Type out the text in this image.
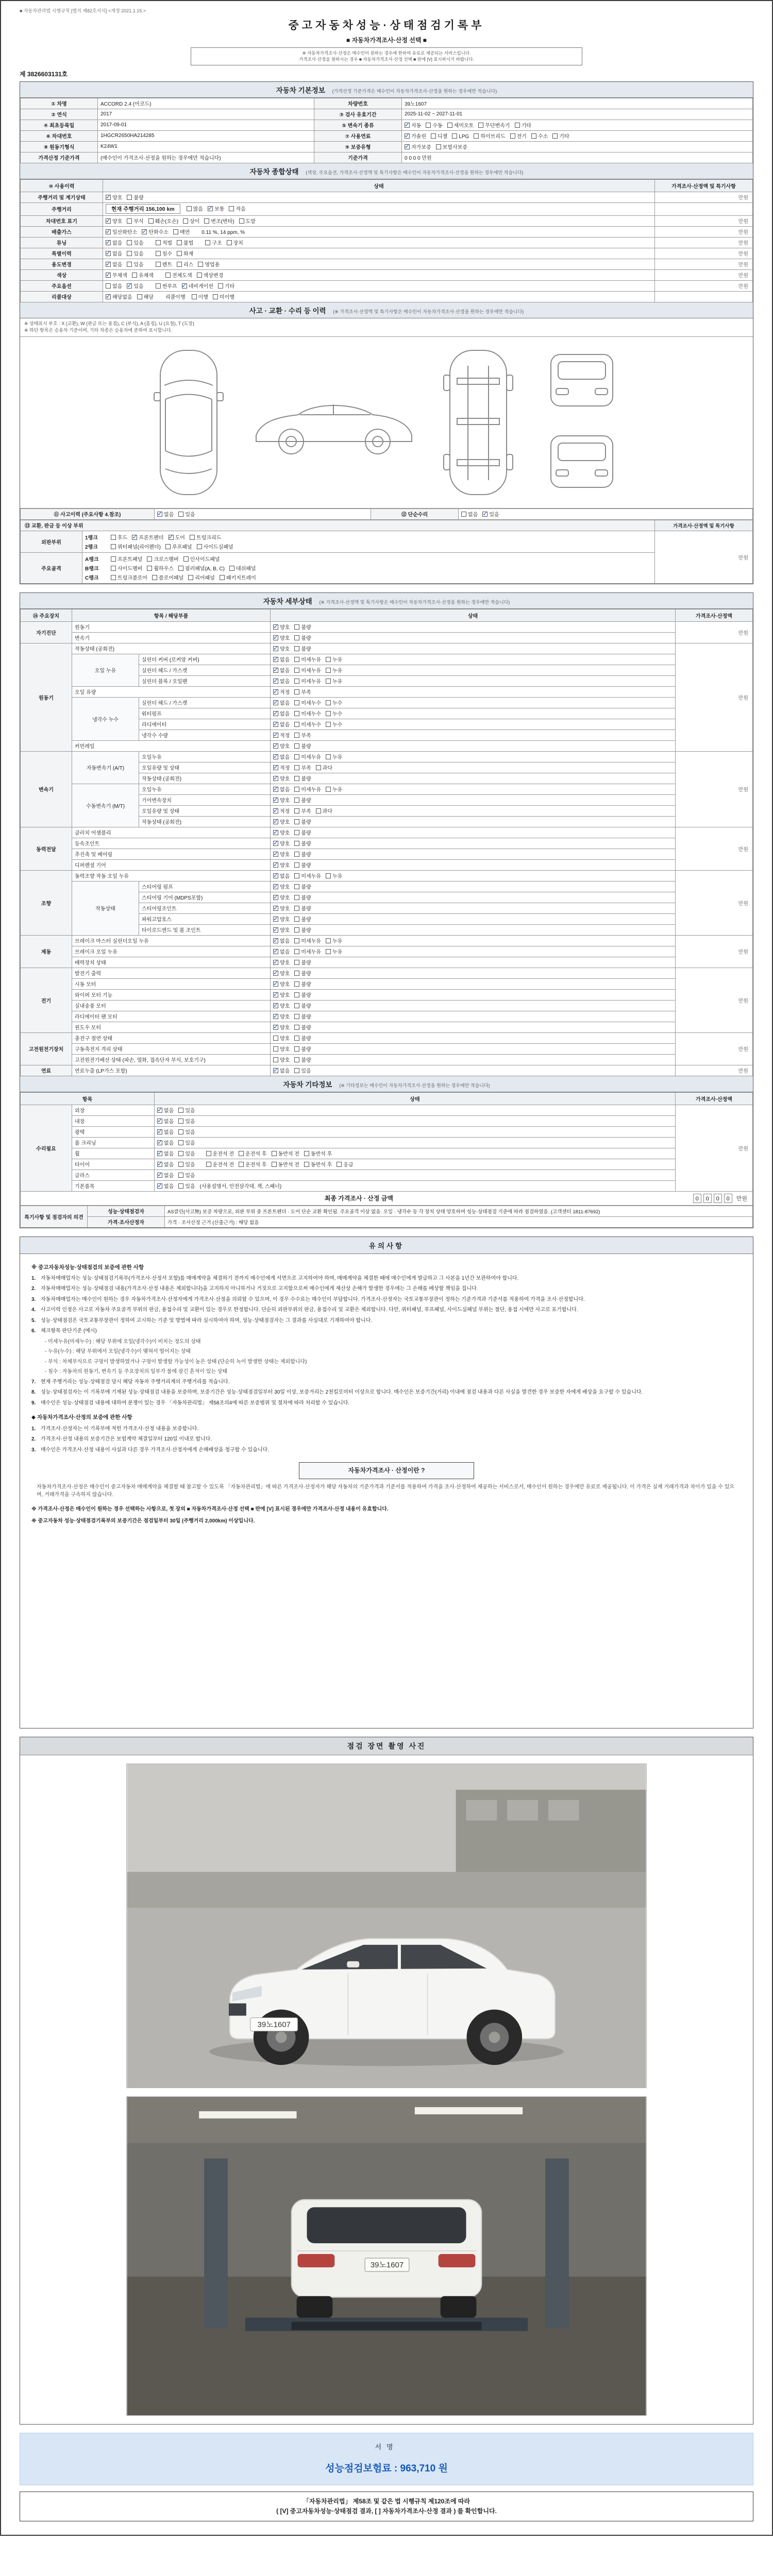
■ 자동차관리법 시행규칙 [별지 제82호서식] <개정 2021.1.15.>
중고자동차성능·상태점검기록부
■ 자동차가격조사·산정 선택 ■
※ 자동차가격조사·산정은 매수인이 원하는 경우에 한하여 유료로 제공되는 서비스입니다.
가격조사·산정을 원하시는 경우 ■ 자동차가격조사·산정 선택 ■ 란에 [V] 표시하시기 바랍니다.
제 3826603131호
자동차 기본정보 (가격산정 기준가격은 매수인이 자동차가격조사·산정을 원하는 경우에만 적습니다)
① 차명	ACCORD 2.4 (어코드)	차량번호	39노1607
② 연식	2017	③ 검사 유효기간	2025-11-02 ~ 2027-11-01
④ 최초등록일	2017-09-01	⑤ 변속기 종류	✓자동 수동 세미오토 무단변속기 기타
⑥ 차대번호	1HGCR2650HA214285	⑦ 사용연료	✓가솔린 디젤 LPG 하이브리드 전기 수소 기타
⑧ 원동기형식	K24W1	⑨ 보증유형	✓자가보증 보험사보증
가격산정 기준가격	(매수인이 가격조사·산정을 원하는 경우에만 적습니다)	기준가격	0 0 0 0 만원
자동차 종합상태 (색상, 주요옵션, 가격조사·산정액 및 특기사항은 매수인이 자동차가격조사·산정을 원하는 경우에만 적습니다)
⑩ 사용이력	상태	가격조사·산정액 및 특기사항
주행거리 및 계기상태	✓양호 불량	만원
주행거리	현재 주행거리 156,100 km 많음 ✓ 보통 적음	
차대번호 표기	✓양호 부식 훼손(오손) 상이 변조(변타) 도말	만원
배출가스	✓일산화탄소 ✓ 탄화수소 매연 0.11 %, 14 ppm, %	만원
튜닝	✓없음 있음 적법 불법 구조 장치	만원
특별이력	✓없음 있음 침수 화재	만원
용도변경	✓없음 있음 렌트 리스 영업용	만원
색상	✓무채색 유채색 전체도색 색상변경	만원
주요옵션	없음 ✓ 있음 썬루프 ✓ 네비게이션 기타	만원
리콜대상	✓해당없음 해당 리콜이행 이행 미이행	
사고 · 교환 · 수리 등 이력 (※ 가격조사·산정액 및 특기사항은 매수인이 자동차가격조사·산정을 원하는 경우에만 적습니다)
※ 상태표시 부호 : X (교환), W (판금 또는 용접), C (부식), A (흠집), U (요철), T (도장)
※ 하단 항목은 승용차 기준이며, 기타 차종은 승용차에 준하여 표시합니다.
⑪ 사고이력 (주요사항 4.참조)	✓없음 있음	⑫ 단순수리	없음 ✓ 있음
⑬ 교환, 판금 등 이상 부위		가격조사·산정액 및 특기사항
외판부위	1랭크 후드 ✓ 프론트펜더 ✓ 도어 트렁크리드
2랭크 쿼터패널(리어펜더) 루프패널 사이드실패널	만원
주요골격	A랭크 프론트패널 크로스멤버 인사이드패널
B랭크 사이드멤버 휠하우스 필러패널(A, B, C) 대쉬패널
C랭크 트렁크플로어 플로어패널 리어패널 패키지트레이	
자동차 세부상태 (※ 가격조사·산정액 및 특기사항은 매수인이 자동차가격조사·산정을 원하는 경우에만 적습니다)
⑭ 주요장치	항목 / 해당부품		상태	가격조사·산정액
자기진단	원동기	✓양호 불량	만원
	변속기	✓양호 불량
원동기	작동상태 (공회전)	✓양호 불량	만원
	오일 누유	실린더 커버 (로커암 커버)	✓없음 미세누유 누유
		실린더 헤드 / 가스켓	✓없음 미세누유 누유
		실린더 블록 / 오일팬	✓없음 미세누유 누유
	오일 유량	✓적정 부족
	냉각수 누수	실린더 헤드 / 가스켓	✓없음 미세누수 누수
		워터펌프	✓없음 미세누수 누수
		라디에이터	✓없음 미세누수 누수
		냉각수 수량	✓적정 부족
	커먼레일	✓양호 불량
변속기	자동변속기 (A/T)	오일누유	✓없음 미세누유 누유	만원
		오일유량 및 상태	✓적정 부족 과다
		작동상태 (공회전)	✓양호 불량
	수동변속기 (M/T)	오일누유	✓없음 미세누유 누유
		기어변속장치	✓양호 불량
		오일유량 및 상태	✓적정 부족 과다
		작동상태 (공회전)	✓양호 불량
동력전달	클러치 어셈블리	✓양호 불량	만원
	등속조인트	✓양호 불량
	추진축 및 베어링	✓양호 불량
	디퍼렌셜 기어	✓양호 불량
조향	동력조향 작동 오일 누유	✓없음 미세누유 누유	만원
	작동상태	스티어링 펌프	✓양호 불량
		스티어링 기어 (MDPS포함)	✓양호 불량
		스티어링조인트	✓양호 불량
		파워고압호스	✓양호 불량
		타이로드엔드 및 볼 조인트	✓양호 불량
제동	브레이크 마스터 실린더오일 누유	✓없음 미세누유 누유	만원
	브레이크 오일 누유	✓없음 미세누유 누유
	배력장치 상태	✓양호 불량
전기	발전기 출력	✓양호 불량	만원
	시동 모터	✓양호 불량
	와이퍼 모터 기능	✓양호 불량
	실내송풍 모터	✓양호 불량
	라디에이터 팬 모터	✓양호 불량
	윈도우 모터	✓양호 불량
고전원전기장치	충전구 절연 상태		양호 불량	만원
	구동축전지 격리 상태		양호 불량	
	고전원전기배선 상태 (파손, 열화, 접속단자 부식, 보호기구)		양호 불량	
연료	연료누출 (LP가스 포함)	✓없음 있음	만원
자동차 기타정보 (※ 기타정보는 매수인이 자동차가격조사·산정을 원하는 경우에만 적습니다)
항목		상태	가격조사·산정액
수리필요	외장	✓없음 있음	만원
	내장	✓없음 있음
	광택	✓없음 있음
	룸 크리닝	✓없음 있음
	휠	✓없음 있음 운전석 전 운전석 후 동반석 전 동반석 후
	타이어	✓없음 있음 운전석 전 운전석 후 동반석 전 동반석 후 응급
	글라스	✓없음 있음
	기본품목	✓없음 있음 (사용설명서, 안전삼각대, 잭, 스패너)
최종 가격조사 · 산정 금액	0 0 0 0	만원
특기사항 및 점검자의 의견	성능·상태점검자	AS클린(사고無) 보증 차량으로, 외판 부위 중 프론트펜더 · 도어 단순 교환 확인됨. 주요골격 이상 없음. 오일 · 냉각수 등 각 장치 상태 양호하며 성능·상태점검 기준에 따라 점검하였음. (고객센터 1811-87692)
	가격·조사산정자	가격 · 조사산정 근거 (산출근거) : 해당 없음
유의사항
※ 중고자동차성능·상태점검의 보증에 관한 사항
1. 자동차매매업자는 성능·상태점검기록부(가격조사·산정서 포함)를 매매계약을 체결하기 전까지 매수인에게 서면으로 고지하여야 하며, 매매계약을 체결한 때에 매수인에게 발급하고 그 사본을 1년간 보관하여야 합니다.
2. 자동차매매업자는 성능·상태점검 내용(가격조사·산정 내용은 제외합니다)을 고지하지 아니하거나 거짓으로 고지함으로써 매수인에게 재산상 손해가 발생한 경우에는 그 손해를 배상할 책임을 집니다.
3. 자동차매매업자는 매수인이 원하는 경우 자동차가격조사·산정자에게 가격조사·산정을 의뢰할 수 있으며, 이 경우 수수료는 매수인이 부담합니다. 가격조사·산정자는 국토교통부장관이 정하는 기준가격과 기준서를 적용하여 가격을 조사·산정합니다.
4. 사고이력 인정은 사고로 자동차 주요골격 부위의 판금, 용접수리 및 교환이 있는 경우로 한정합니다. 단순히 외판부위의 판금, 용접수리 및 교환은 제외합니다. 다만, 쿼터패널, 루프패널, 사이드실패널 부위는 절단, 용접 시에만 사고로 표기합니다.
5. 성능·상태점검은 국토교통부장관이 정하여 고시하는 기준 및 방법에 따라 실시하여야 하며, 성능·상태점검자는 그 결과를 사실대로 기재하여야 합니다.
6. 체크항목 판단기준 (예시)
- 미세누유(미세누수) : 해당 부위에 오일(냉각수)이 비치는 정도의 상태
- 누유(누수) : 해당 부위에서 오일(냉각수)이 맺혀서 떨어지는 상태
- 부식 : 차체부식으로 구멍이 발생하였거나 구멍이 발생할 가능성이 높은 상태 (단순히 녹이 발생한 상태는 제외합니다)
- 침수 : 자동차의 원동기, 변속기 등 주요장치의 일부가 물에 잠긴 흔적이 있는 상태
7. 현재 주행거리는 성능·상태점검 당시 해당 자동차 주행거리계의 주행거리를 적습니다.
8. 성능·상태점검자는 이 기록부에 기재된 성능·상태점검 내용을 보증하며, 보증기간은 성능·상태점검일부터 30일 이상, 보증거리는 2천킬로미터 이상으로 합니다. 매수인은 보증기간(거리) 이내에 점검 내용과 다른 사실을 발견한 경우 보증한 자에게 배상을 요구할 수 있습니다.
9. 매수인은 성능·상태점검 내용에 대하여 분쟁이 있는 경우 「자동차관리법」 제58조의4에 따른 보증범위 및 절차에 따라 처리할 수 있습니다.
◆ 자동차가격조사·산정의 보증에 관한 사항
1. 가격조사·산정자는 이 기록부에 적힌 가격조사·산정 내용을 보증합니다.
2. 가격조사·산정 내용의 보증기간은 보험계약 체결일부터 120일 이내로 합니다.
3. 매수인은 가격조사·산정 내용이 사실과 다른 경우 가격조사·산정자에게 손해배상을 청구할 수 있습니다.
자동차가격조사 · 산정이란 ?
자동차가격조사·산정은 매수인이 중고자동차 매매계약을 체결할 때 참고할 수 있도록 「자동차관리법」에 따른 가격조사·산정자가 해당 자동차의 기준가격과 기준서를 적용하여 가격을 조사·산정하여 제공하는 서비스로서, 매수인이 원하는 경우에만 유료로 제공됩니다. 이 가격은 실제 거래가격과 차이가 있을 수 있으며, 거래가격을 구속하지 않습니다.
※ 가격조사·산정은 매수인이 원하는 경우 선택하는 사항으로, 첫 장의 ■ 자동차가격조사·산정 선택 ■ 란에 [V] 표시된 경우에만 가격조사·산정 내용이 유효합니다.
※ 중고자동차 성능·상태점검기록부의 보증기간은 점검일부터 30일 (주행거리 2,000km) 이상입니다.
점검 장면 촬영 사진
39노1607
39노1607
서명
성능점검보험료 : 963,710 원
「자동차관리법」 제58조 및 같은 법 시행규칙 제120조에 따라
( [V] 중고자동차성능·상태점검 결과, [ ] 자동차가격조사·산정 결과 ) 를 확인합니다.
